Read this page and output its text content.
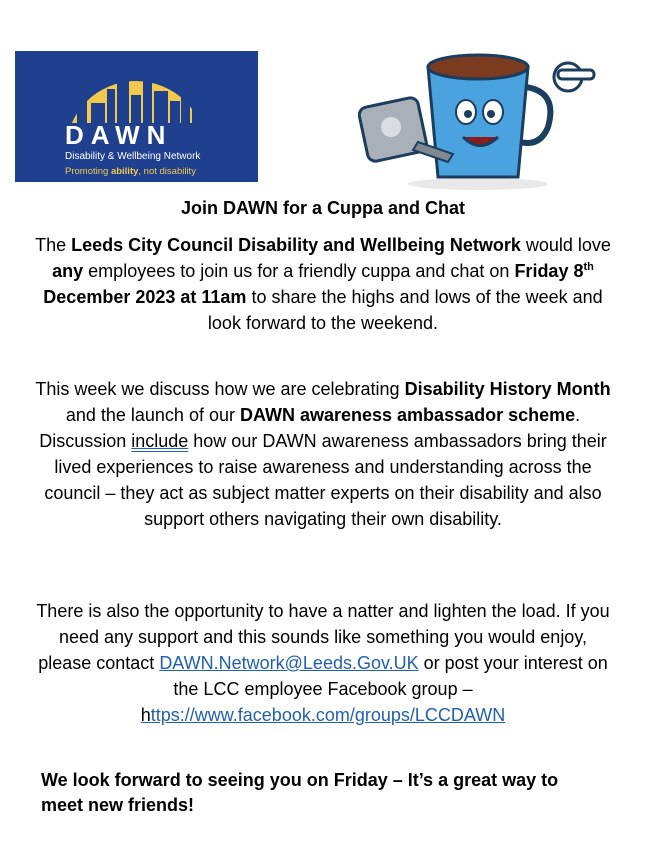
DAWN
Disability & Wellbeing Network
Promoting ability, not disability
Join DAWN for a Cuppa and Chat

The Leeds City Council Disability and Wellbeing Network would love any employees to join us for a friendly cuppa and chat on Friday 8th December 2023 at 11am to share the highs and lows of the week and look forward to the weekend.

This week we discuss how we are celebrating Disability History Month and the launch of our DAWN awareness ambassador scheme. Discussion include how our DAWN awareness ambassadors bring their lived experiences to raise awareness and understanding across the council – they act as subject matter experts on their disability and also support others navigating their own disability.

There is also the opportunity to have a natter and lighten the load. If you need any support and this sounds like something you would enjoy, please contact DAWN.Network@Leeds.Gov.UK or post your interest on the LCC employee Facebook group – https://www.facebook.com/groups/LCCDAWN

We look forward to seeing you on Friday – It’s a great way to meet new friends!
